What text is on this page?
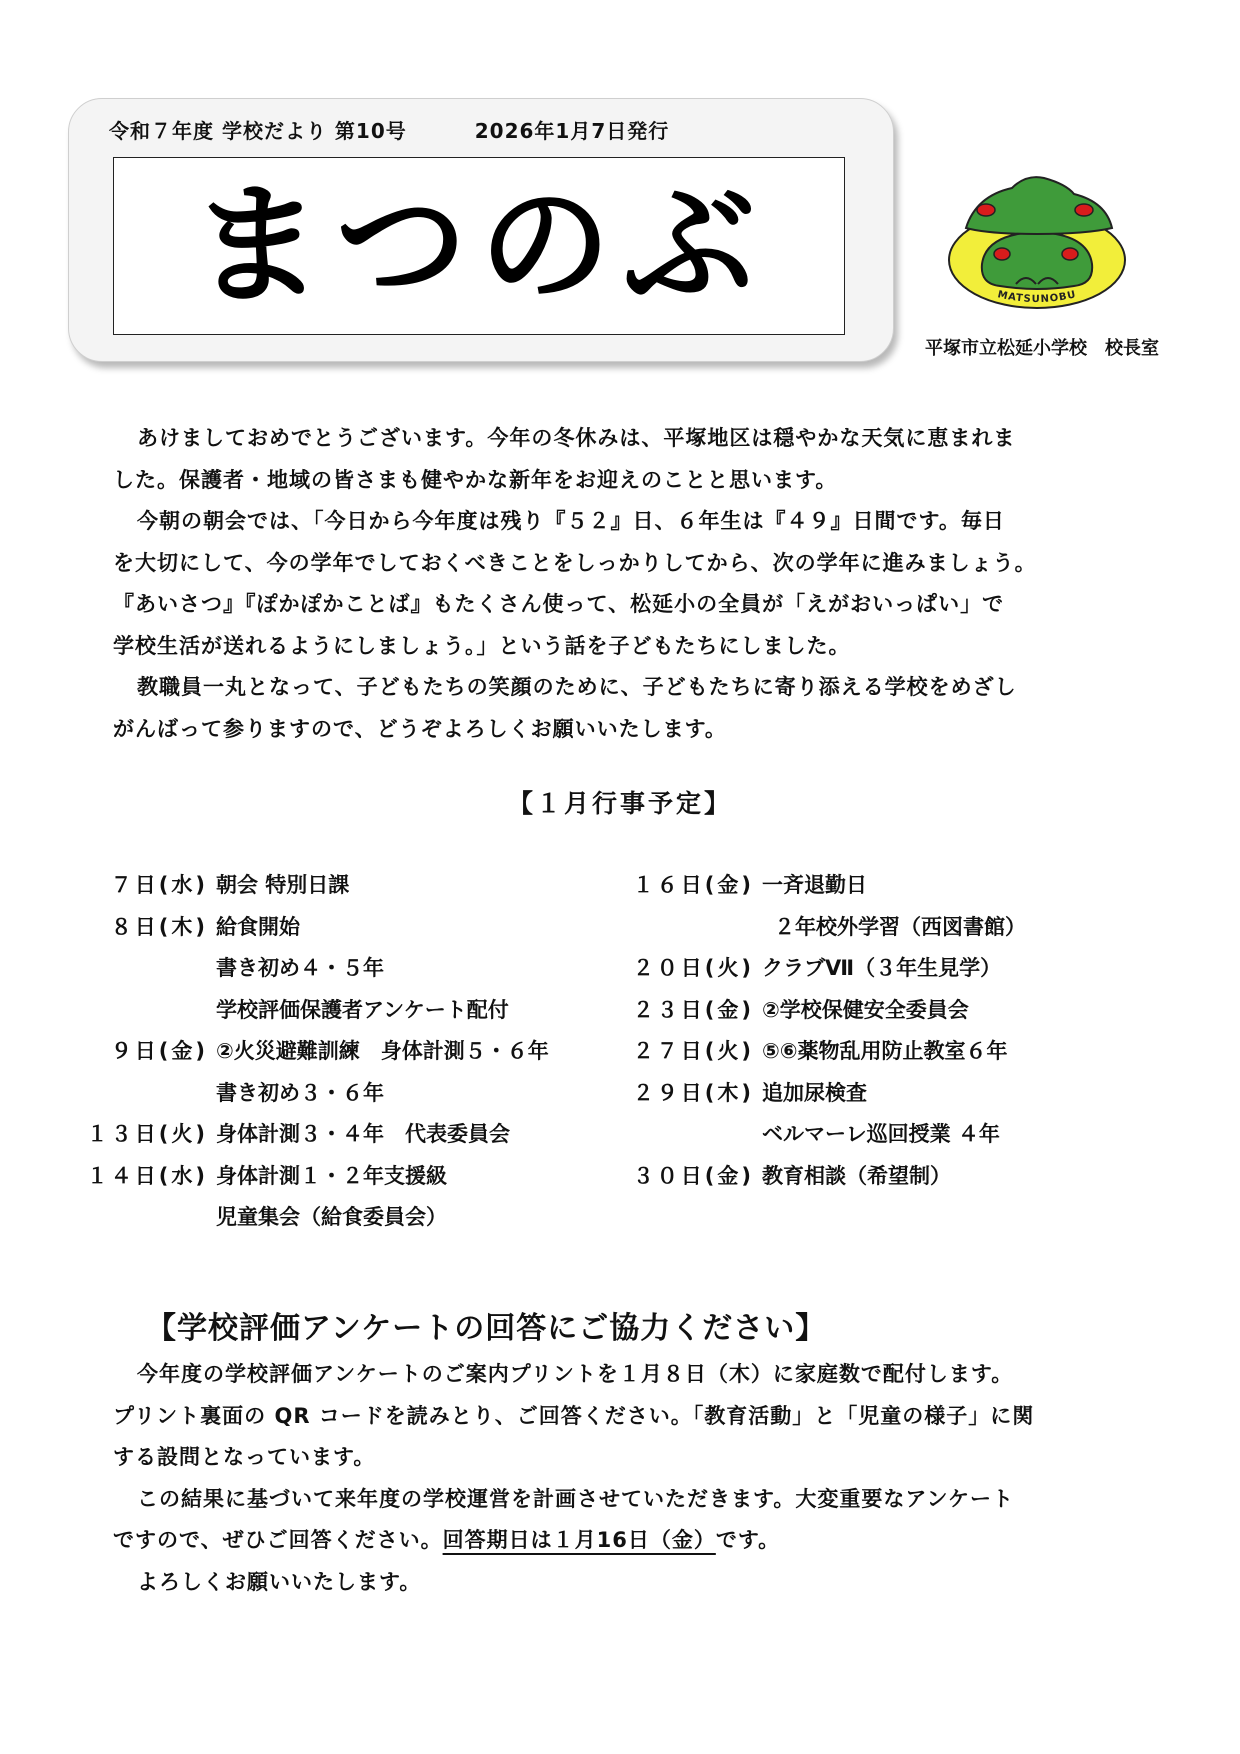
令和７年度 学校だより 第10号	2026年1月7日発行
まつのぶ	MATSUNOBU
平塚市立松延小学校　校長室
あけましておめでとうございます。今年の冬休みは、平塚地区は穏やかな天気に恵まれま
した。保護者・地域の皆さまも健やかな新年をお迎えのことと思います。
今朝の朝会では、「今日から今年度は残り『５２』日、６年生は『４９』日間です。毎日
を大切にして、今の学年でしておくべきことをしっかりしてから、次の学年に進みましょう。
『あいさつ』『ぽかぽかことば』もたくさん使って、松延小の全員が「えがおいっぱい」で
学校生活が送れるようにしましょう。」という話を子どもたちにしました。
教職員一丸となって、子どもたちの笑顔のために、子どもたちに寄り添える学校をめざし
がんばって参りますので、どうぞよろしくお願いいたします。
【１月行事予定】
７日(水) 朝会 特別日課
８日(木) 給食開始
書き初め４・５年
学校評価保護者アンケート配付
９日(金) ②火災避難訓練　身体計測５・６年
書き初め３・６年
１３日(火) 身体計測３・４年　代表委員会
１４日(水) 身体計測１・２年支援級
児童集会（給食委員会）
１６日(金) 一斉退勤日
２年校外学習（西図書館）
２０日(火) クラブⅦ（３年生見学）
２３日(金) ②学校保健安全委員会
２７日(火) ⑤⑥薬物乱用防止教室６年
２９日(木) 追加尿検査
ベルマーレ巡回授業 ４年
３０日(金) 教育相談（希望制）
【学校評価アンケートの回答にご協力ください】
今年度の学校評価アンケートのご案内プリントを１月８日（木）に家庭数で配付します。
プリント裏面の QR コードを読みとり、ご回答ください。「教育活動」と「児童の様子」に関
する設問となっています。
この結果に基づいて来年度の学校運営を計画させていただきます。大変重要なアンケート
ですので、ぜひご回答ください。回答期日は１月16日（金）です。
よろしくお願いいたします。
